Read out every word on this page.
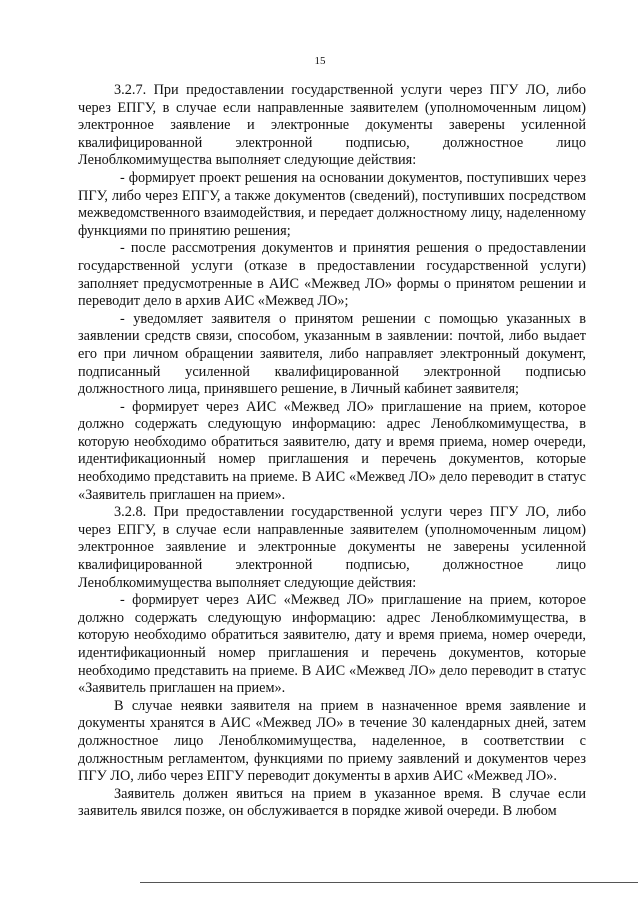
15

3.2.7. При предоставлении государственной услуги через ПГУ ЛО, либо через ЕПГУ, в случае если направленные заявителем (уполномоченным лицом) электронное заявление и электронные документы заверены усиленной квалифицированной электронной подписью, должностное лицо Леноблкомимущества выполняет следующие действия:

- формирует проект решения на основании документов, поступивших через ПГУ, либо через ЕПГУ, а также документов (сведений), поступивших посредством межведомственного взаимодействия, и передает должностному лицу, наделенному функциями по принятию решения;

- после рассмотрения документов и принятия решения о предоставлении государственной услуги (отказе в предоставлении государственной услуги) заполняет предусмотренные в АИС «Межвед ЛО» формы о принятом решении и переводит дело в архив АИС «Межвед ЛО»;

- уведомляет заявителя о принятом решении с помощью указанных в заявлении средств связи, способом, указанным в заявлении: почтой, либо выдает его при личном обращении заявителя, либо направляет электронный документ, подписанный усиленной квалифицированной электронной подписью должностного лица, принявшего решение, в Личный кабинет заявителя;

- формирует через АИС «Межвед ЛО» приглашение на прием, которое должно содержать следующую информацию: адрес Леноблкомимущества, в которую необходимо обратиться заявителю, дату и время приема, номер очереди, идентификационный номер приглашения и перечень документов, которые необходимо представить на приеме. В АИС «Межвед ЛО» дело переводит в статус «Заявитель приглашен на прием».

3.2.8. При предоставлении государственной услуги через ПГУ ЛО, либо через ЕПГУ, в случае если направленные заявителем (уполномоченным лицом) электронное заявление и электронные документы не заверены усиленной квалифицированной электронной подписью, должностное лицо Леноблкомимущества выполняет следующие действия:

- формирует через АИС «Межвед ЛО» приглашение на прием, которое должно содержать следующую информацию: адрес Леноблкомимущества, в которую необходимо обратиться заявителю, дату и время приема, номер очереди, идентификационный номер приглашения и перечень документов, которые необходимо представить на приеме. В АИС «Межвед ЛО» дело переводит в статус «Заявитель приглашен на прием».

В случае неявки заявителя на прием в назначенное время заявление и документы хранятся в АИС «Межвед ЛО» в течение 30 календарных дней, затем должностное лицо Леноблкомимущества, наделенное, в соответствии с должностным регламентом, функциями по приему заявлений и документов через ПГУ ЛО, либо через ЕПГУ переводит документы в архив АИС «Межвед ЛО».

Заявитель должен явиться на прием в указанное время. В случае если заявитель явился позже, он обслуживается в порядке живой очереди. В любом
